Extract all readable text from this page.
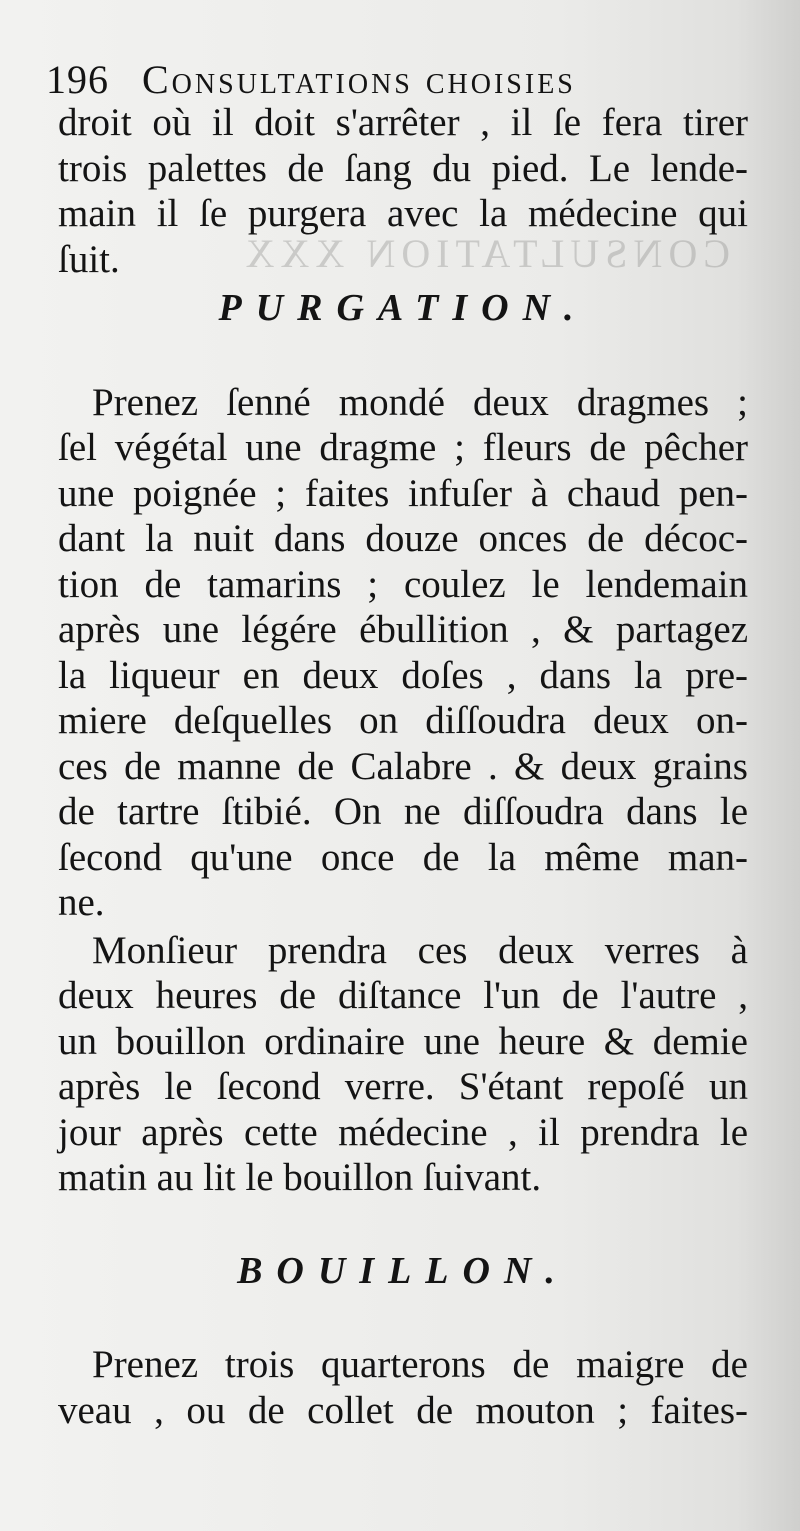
CONSULTATION XXX
196 Consultations choisies
droit où il doit s'arrêter , il ſe fera tirer
trois palettes de ſang du pied. Le lende-
main il ſe purgera avec la médecine qui
ſuit.
PURGATION.
Prenez ſenné mondé deux dragmes ;
ſel végétal une dragme ; fleurs de pêcher
une poignée ; faites infuſer à chaud pen-
dant la nuit dans douze onces de décoc-
tion de tamarins ; coulez le lendemain
après une légére ébullition , & partagez
la liqueur en deux doſes , dans la pre-
miere deſquelles on diſſoudra deux on-
ces de manne de Calabre . & deux grains
de tartre ſtibié. On ne diſſoudra dans le
ſecond qu'une once de la même man-
ne.
Monſieur prendra ces deux verres à
deux heures de diſtance l'un de l'autre ,
un bouillon ordinaire une heure & demie
après le ſecond verre. S'étant repoſé un
jour après cette médecine , il prendra le
matin au lit le bouillon ſuivant.
BOUILLON.
Prenez trois quarterons de maigre de
veau , ou de collet de mouton ; faites-
